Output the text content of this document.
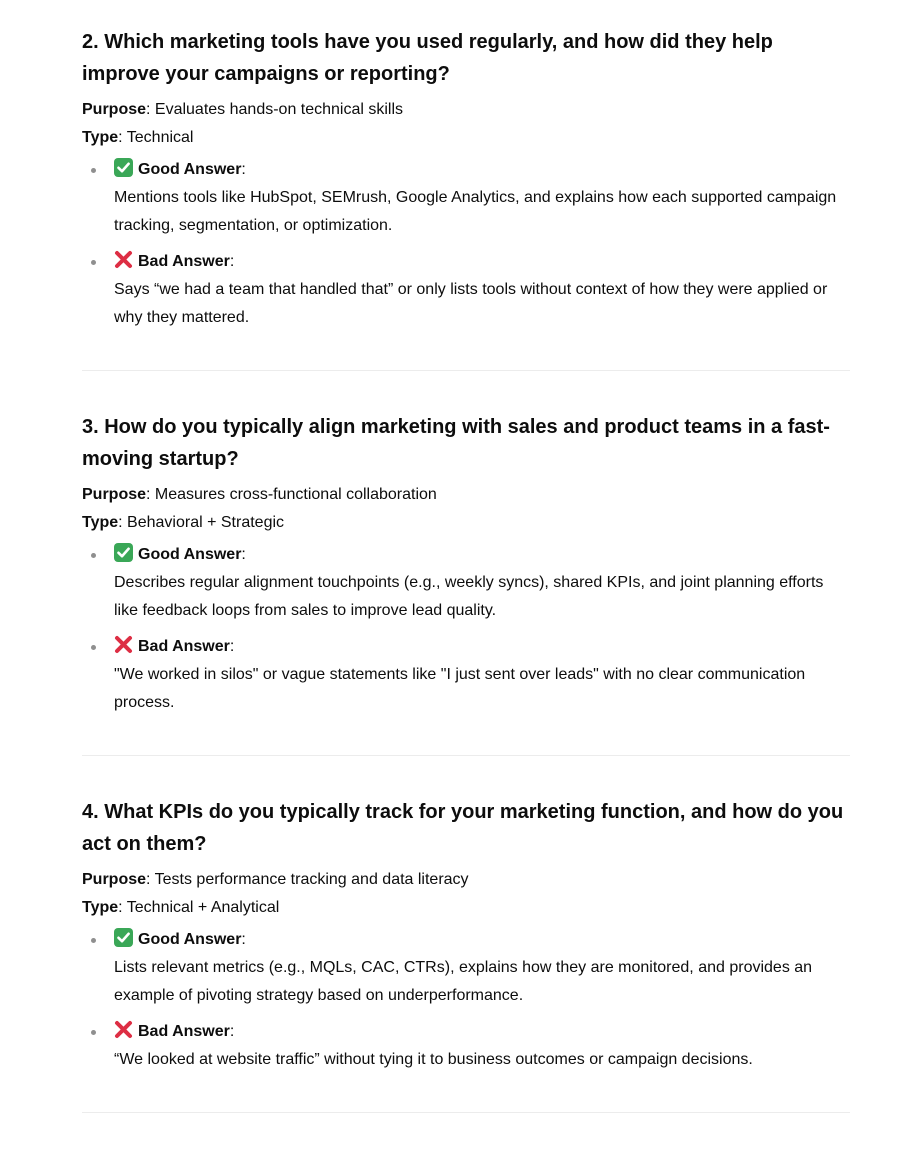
2. Which marketing tools have you used regularly, and how did they help improve your campaigns or reporting?

Purpose: Evaluates hands-on technical skills

Type: Technical

Good Answer:

Mentions tools like HubSpot, SEMrush, Google Analytics, and explains how each supported campaign tracking, segmentation, or optimization.

Bad Answer:

Says “we had a team that handled that” or only lists tools without context of how they were applied or why they mattered.

3. How do you typically align marketing with sales and product teams in a fast-moving startup?

Purpose: Measures cross-functional collaboration

Type: Behavioral + Strategic

Good Answer:

Describes regular alignment touchpoints (e.g., weekly syncs), shared KPIs, and joint planning efforts like feedback loops from sales to improve lead quality.

Bad Answer:

"We worked in silos" or vague statements like "I just sent over leads" with no clear communication process.

4. What KPIs do you typically track for your marketing function, and how do you act on them?

Purpose: Tests performance tracking and data literacy

Type: Technical + Analytical

Good Answer:

Lists relevant metrics (e.g., MQLs, CAC, CTRs), explains how they are monitored, and provides an example of pivoting strategy based on underperformance.

Bad Answer:

“We looked at website traffic” without tying it to business outcomes or campaign decisions.
